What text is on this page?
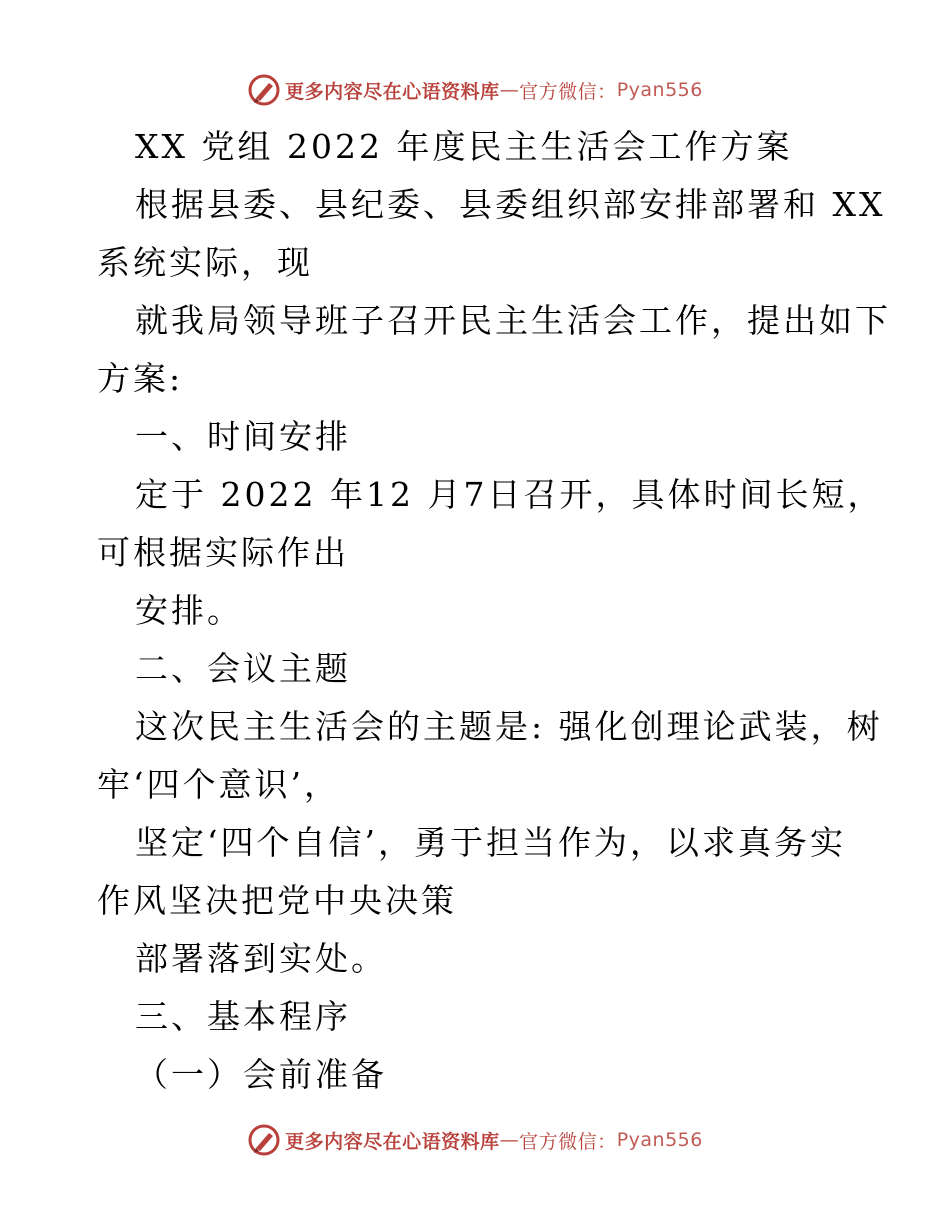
更多内容尽在心语资料库 — 官方微信： Pyan556
XX 党组 2022 年度民主生活会工作方案
根据县委、县纪委、县委组织部安排部署和 XX
系统实际，现
就我局领导班子召开民主生活会工作，提出如下
方案:
一、时间安排
定于 2022 年12 月7日召开，具体时间长短，
可根据实际作出
安排。
二、会议主题
这次民主生活会的主题是: 强化创理论武装，树
牢‘四个意识’，
坚定‘四个自信’，勇于担当作为，以求真务实
作风坚决把党中央决策
部署落到实处。
三、基本程序
（一）会前准备
更多内容尽在心语资料库 — 官方微信： Pyan556
